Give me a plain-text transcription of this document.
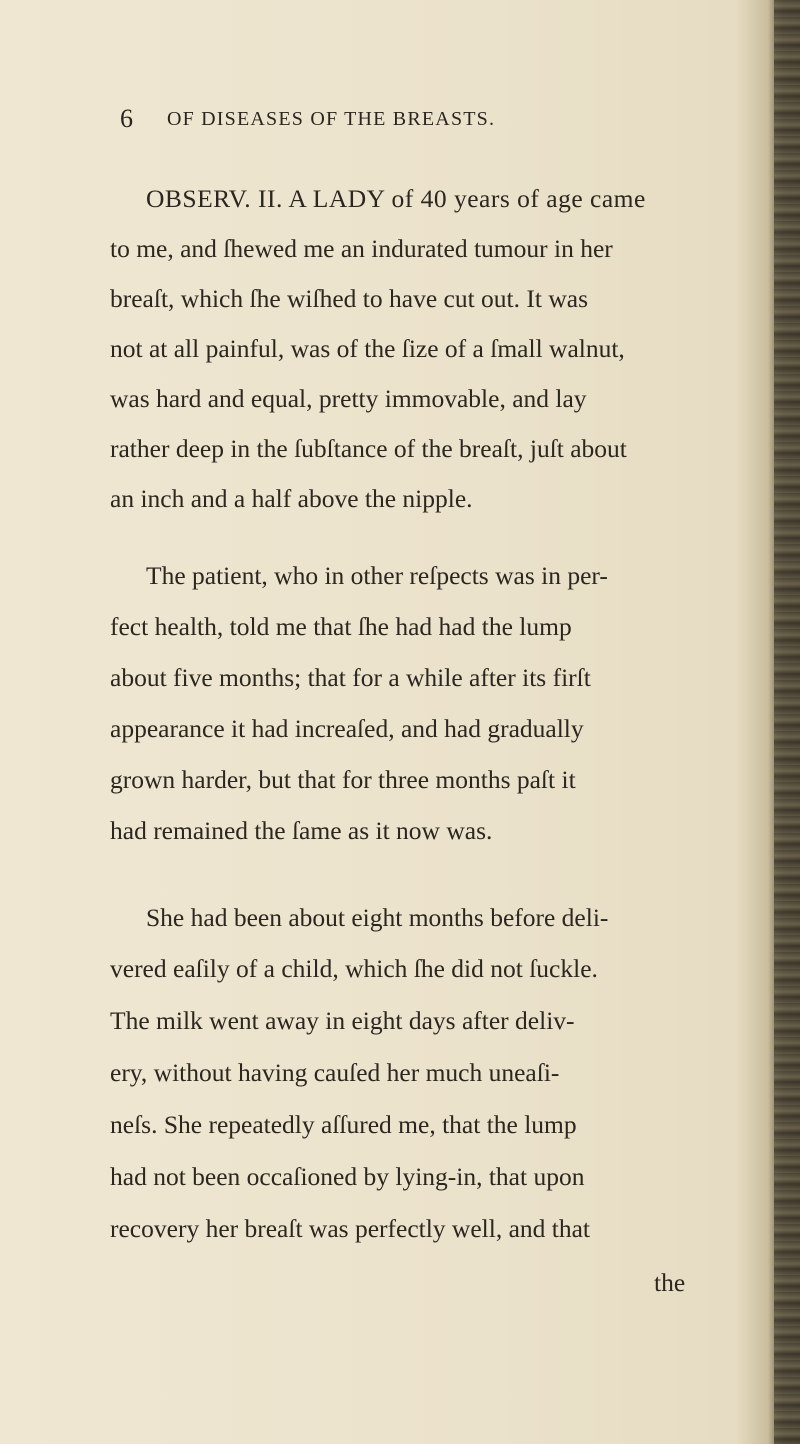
6 OF DISEASES OF THE BREASTS.
OBSERV. II. A LADY of 40 years of age came
to me, and ſhewed me an indurated tumour in her
breaſt, which ſhe wiſhed to have cut out. It was
not at all painful, was of the ſize of a ſmall walnut,
was hard and equal, pretty immovable, and lay
rather deep in the ſubſtance of the breaſt, juſt about
an inch and a half above the nipple.
The patient, who in other reſpects was in per-
fect health, told me that ſhe had had the lump
about five months; that for a while after its firſt
appearance it had increaſed, and had gradually
grown harder, but that for three months paſt it
had remained the ſame as it now was.
She had been about eight months before deli-
vered eaſily of a child, which ſhe did not ſuckle.
The milk went away in eight days after deliv-
ery, without having cauſed her much uneaſi-
neſs. She repeatedly aſſured me, that the lump
had not been occaſioned by lying-in, that upon
recovery her breaſt was perfectly well, and that
the
